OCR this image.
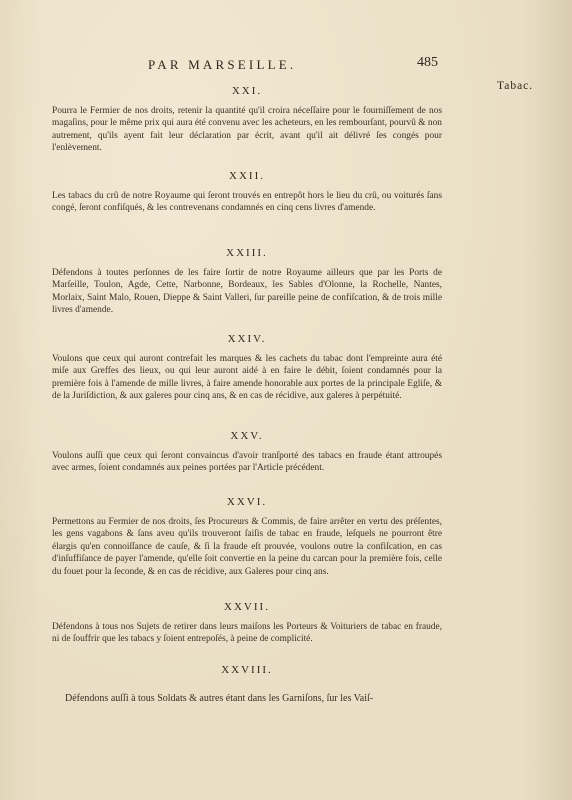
PAR MARSEILLE.	485
Tabac.
XXI.

Pourra le Fermier de nos droits, retenir la quantité qu'il croira néceſſaire pour le fourniſſement de nos magaſins, pour le même prix qui aura été convenu avec les acheteurs, en les rembourſant, pourvû & non autrement, qu'ils ayent fait leur déclaration par écrit, avant qu'il ait délivré ſes congés pour l'enlèvement.

XXII.

Les tabacs du crû de notre Royaume qui ſeront trouvés en entrepôt hors le lieu du crû, ou voiturés ſans congé, ſeront confiſqués, & les contrevenans condamnés en cinq cens livres d'amende.

XXIII.

Défendons à toutes perſonnes de les faire ſortir de notre Royaume ailleurs que par les Ports de Marſeille, Toulon, Agde, Cette, Narbonne, Bordeaux, les Sables d'Olonne, la Rochelle, Nantes, Morlaix, Saint Malo, Rouen, Dieppe & Saint Valleri, ſur pareille peine de confiſcation, & de trois mille livres d'amende.

XXIV.

Voulons que ceux qui auront contrefait les marques & les cachets du tabac dont l'empreinte aura été miſe aux Greffes des lieux, ou qui leur auront aidé à en faire le débit, ſoient condamnés pour la première fois à l'amende de mille livres, à faire amende honorable aux portes de la principale Egliſe, & de la Juriſdiction, & aux galeres pour cinq ans, & en cas de récidive, aux galeres à perpétuité.

XXV.

Voulons auſſi que ceux qui ſeront convaincus d'avoir tranſporté des tabacs en fraude étant attroupés avec armes, ſoient condamnés aux peines portées par l'Article précédent.

XXVI.

Permettons au Fermier de nos droits, ſes Procureurs & Commis, de faire arrêter en vertu des préſentes, les gens vagabons & ſans aveu qu'ils trouveront ſaiſis de tabac en fraude, leſquels ne pourront être élargis qu'en connoiſſance de cauſe, & ſi la fraude eſt prouvée, voulons outre la confiſcation, en cas d'inſuffiſance de payer l'amende, qu'elle ſoit convertie en la peine du carcan pour la première fois, celle du fouet pour la ſeconde, & en cas de récidive, aux Galeres pour cinq ans.

XXVII.

Défendons à tous nos Sujets de retirer dans leurs maiſons les Porteurs & Voituriers de tabac en fraude, ni de ſouffrir que les tabacs y ſoient entrepoſés, à peine de complicité.

XXVIII.
Défendons auſſi à tous Soldats & autres étant dans les Garniſons, ſur les Vaiſ-
